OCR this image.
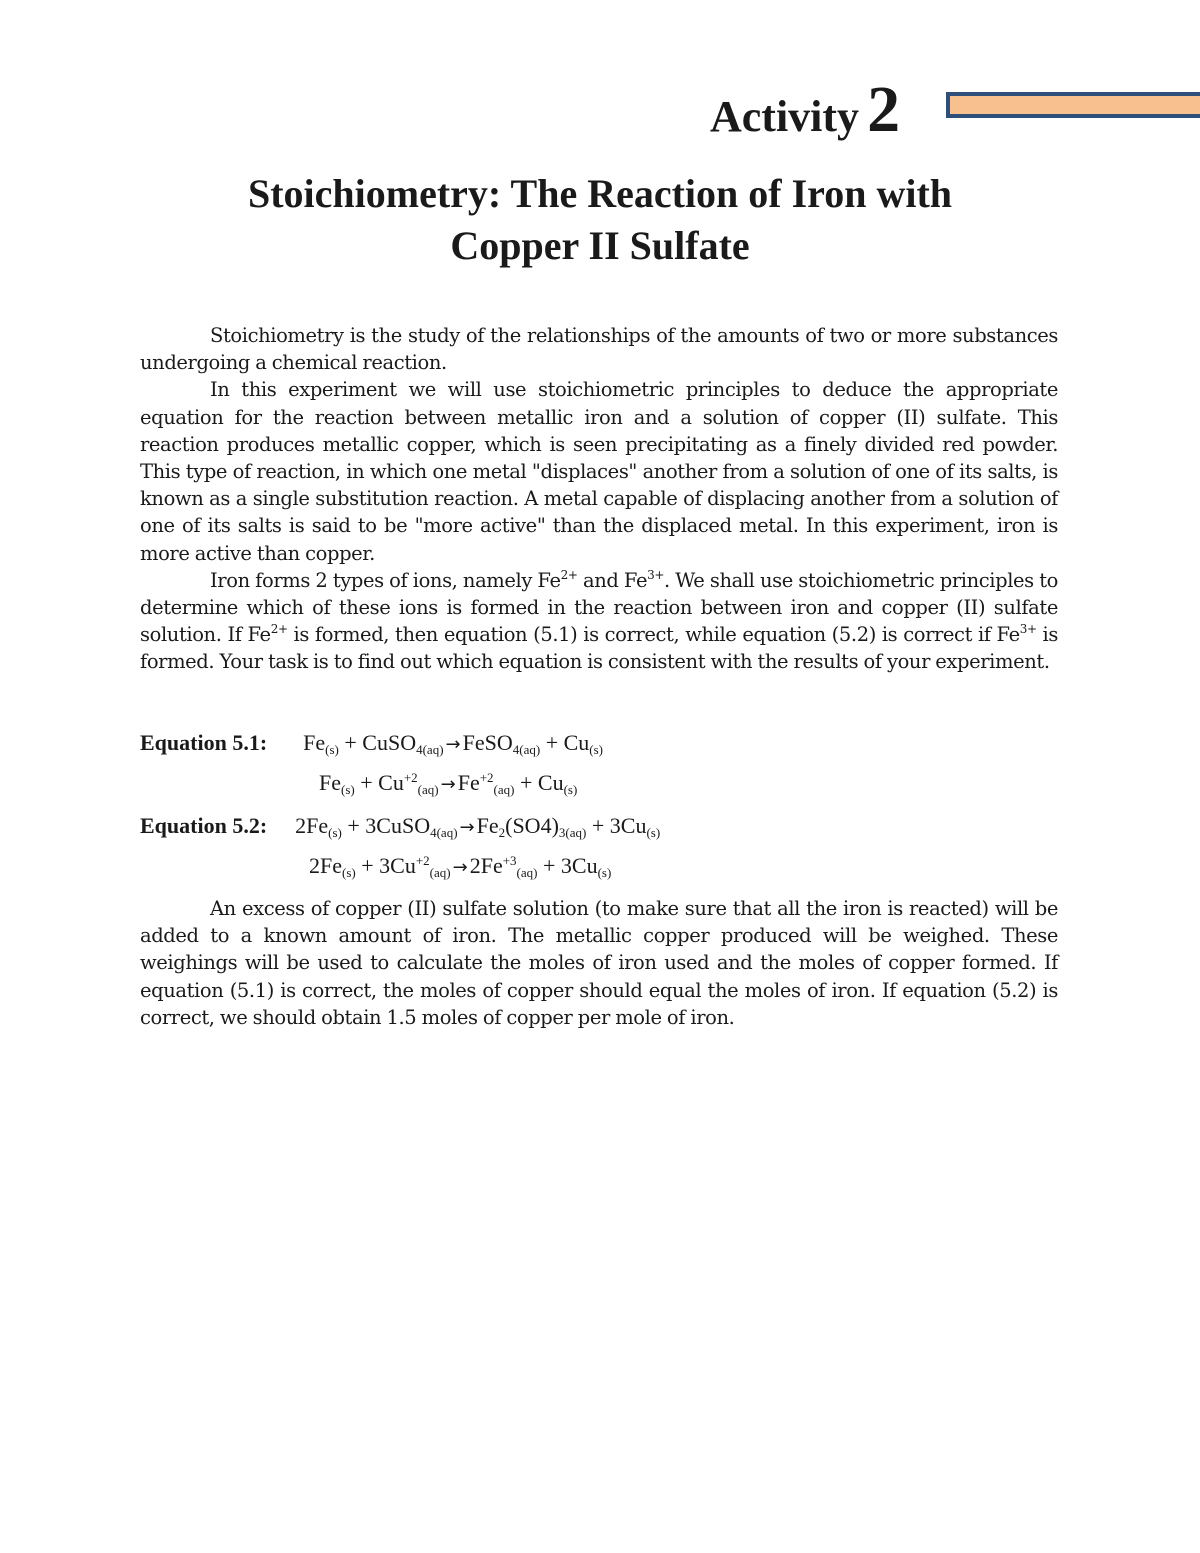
Activity 2
Stoichiometry: The Reaction of Iron with
Copper II Sulfate

Stoichiometry is the study of the relationships of the amounts of two or more substances undergoing a chemical reaction.

In this experiment we will use stoichiometric principles to deduce the appropriate equation for the reaction between metallic iron and a solution of copper (II) sulfate. This reaction produces metallic copper, which is seen precipitating as a finely divided red powder. This type of reaction, in which one metal "displaces" another from a solution of one of its salts, is known as a single substitution reaction. A metal capable of displacing another from a solution of one of its salts is said to be "more active" than the displaced metal. In this experiment, iron is more active than copper.

Iron forms 2 types of ions, namely $Fe^{2+}$ and $Fe^{3+}$. We shall use stoichiometric principles to determine which of these ions is formed in the reaction between iron and copper (II) sulfate solution. If $Fe^{2+}$ is formed, then equation (5.1) is correct, while equation (5.2) is correct if $Fe^{3+}$ is formed. Your task is to find out which equation is consistent with the results of your experiment.

Equation 5.1: $Fe_{(s)}$ + CuSO$_{4(aq)}$ →FeSO$_{4(aq)}$ + $Cu_{(s)}$
$Fe_{(s)} + Cu^{+2}_{(aq)} \to Fe^{+2}_{(aq)} + Cu_{(s)}$
Equation 5.2: $2Fe_{(s)}$ + 3CuSO$_{4(aq)}$ $\to Fe_2(SO4)_{3(aq)} + 3Cu_{(s)}$
$2Fe_{(s)} + 3Cu^{+2}_{(aq)} \to 2Fe^{+3}_{(aq)} + 3Cu_{(s)}$

An excess of copper (II) sulfate solution (to make sure that all the iron is reacted) will be added to a known amount of iron. The metallic copper produced will be weighed. These weighings will be used to calculate the moles of iron used and the moles of copper formed. If equation (5.1) is correct, the moles of copper should equal the moles of iron. If equation (5.2) is correct, we should obtain 1.5 moles of copper per mole of iron.
